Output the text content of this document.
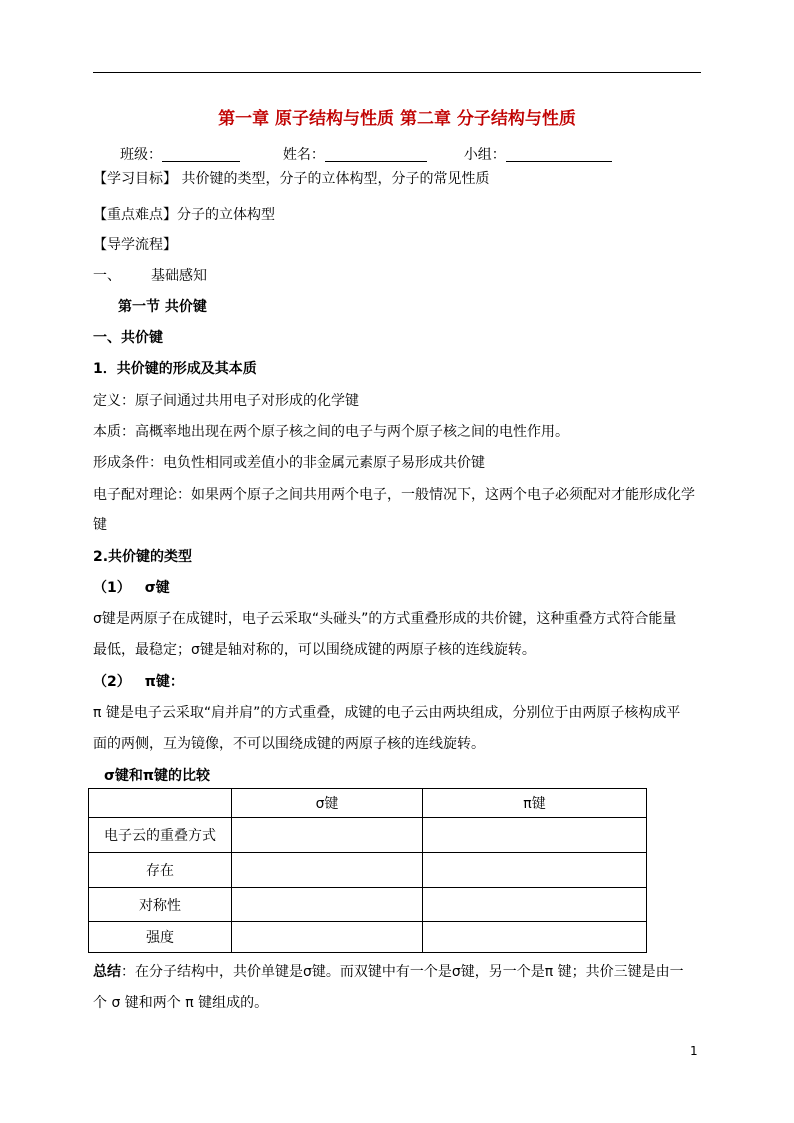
第一章 原子结构与性质 第二章 分子结构与性质
班级：	姓名：	小组：
【学习目标】 共价键的类型，分子的立体构型，分子的常见性质
【重点难点】分子的立体构型
【导学流程】
一、 基础感知
第一节 共价键
一、共价键
1．共价键的形成及其本质
定义：原子间通过共用电子对形成的化学键
本质：高概率地出现在两个原子核之间的电子与两个原子核之间的电性作用。
形成条件：电负性相同或差值小的非金属元素原子易形成共价键
电子配对理论：如果两个原子之间共用两个电子，一般情况下，这两个电子必须配对才能形成化学
键
2.共价键的类型
（1） σ键
σ键是两原子在成键时，电子云采取“头碰头”的方式重叠形成的共价键，这种重叠方式符合能量
最低，最稳定；σ键是轴对称的，可以围绕成键的两原子核的连线旋转。
（2） π键：
π 键是电子云采取“肩并肩”的方式重叠，成键的电子云由两块组成，分别位于由两原子核构成平
面的两侧，互为镜像，不可以围绕成键的两原子核的连线旋转。
σ键和π键的比较
	σ键	π键
电子云的重叠方式		
存在		
对称性		
强度		
总结：在分子结构中，共价单键是σ键。而双键中有一个是σ键，另一个是π 键；共价三键是由一
个 σ 键和两个 π 键组成的。
1
